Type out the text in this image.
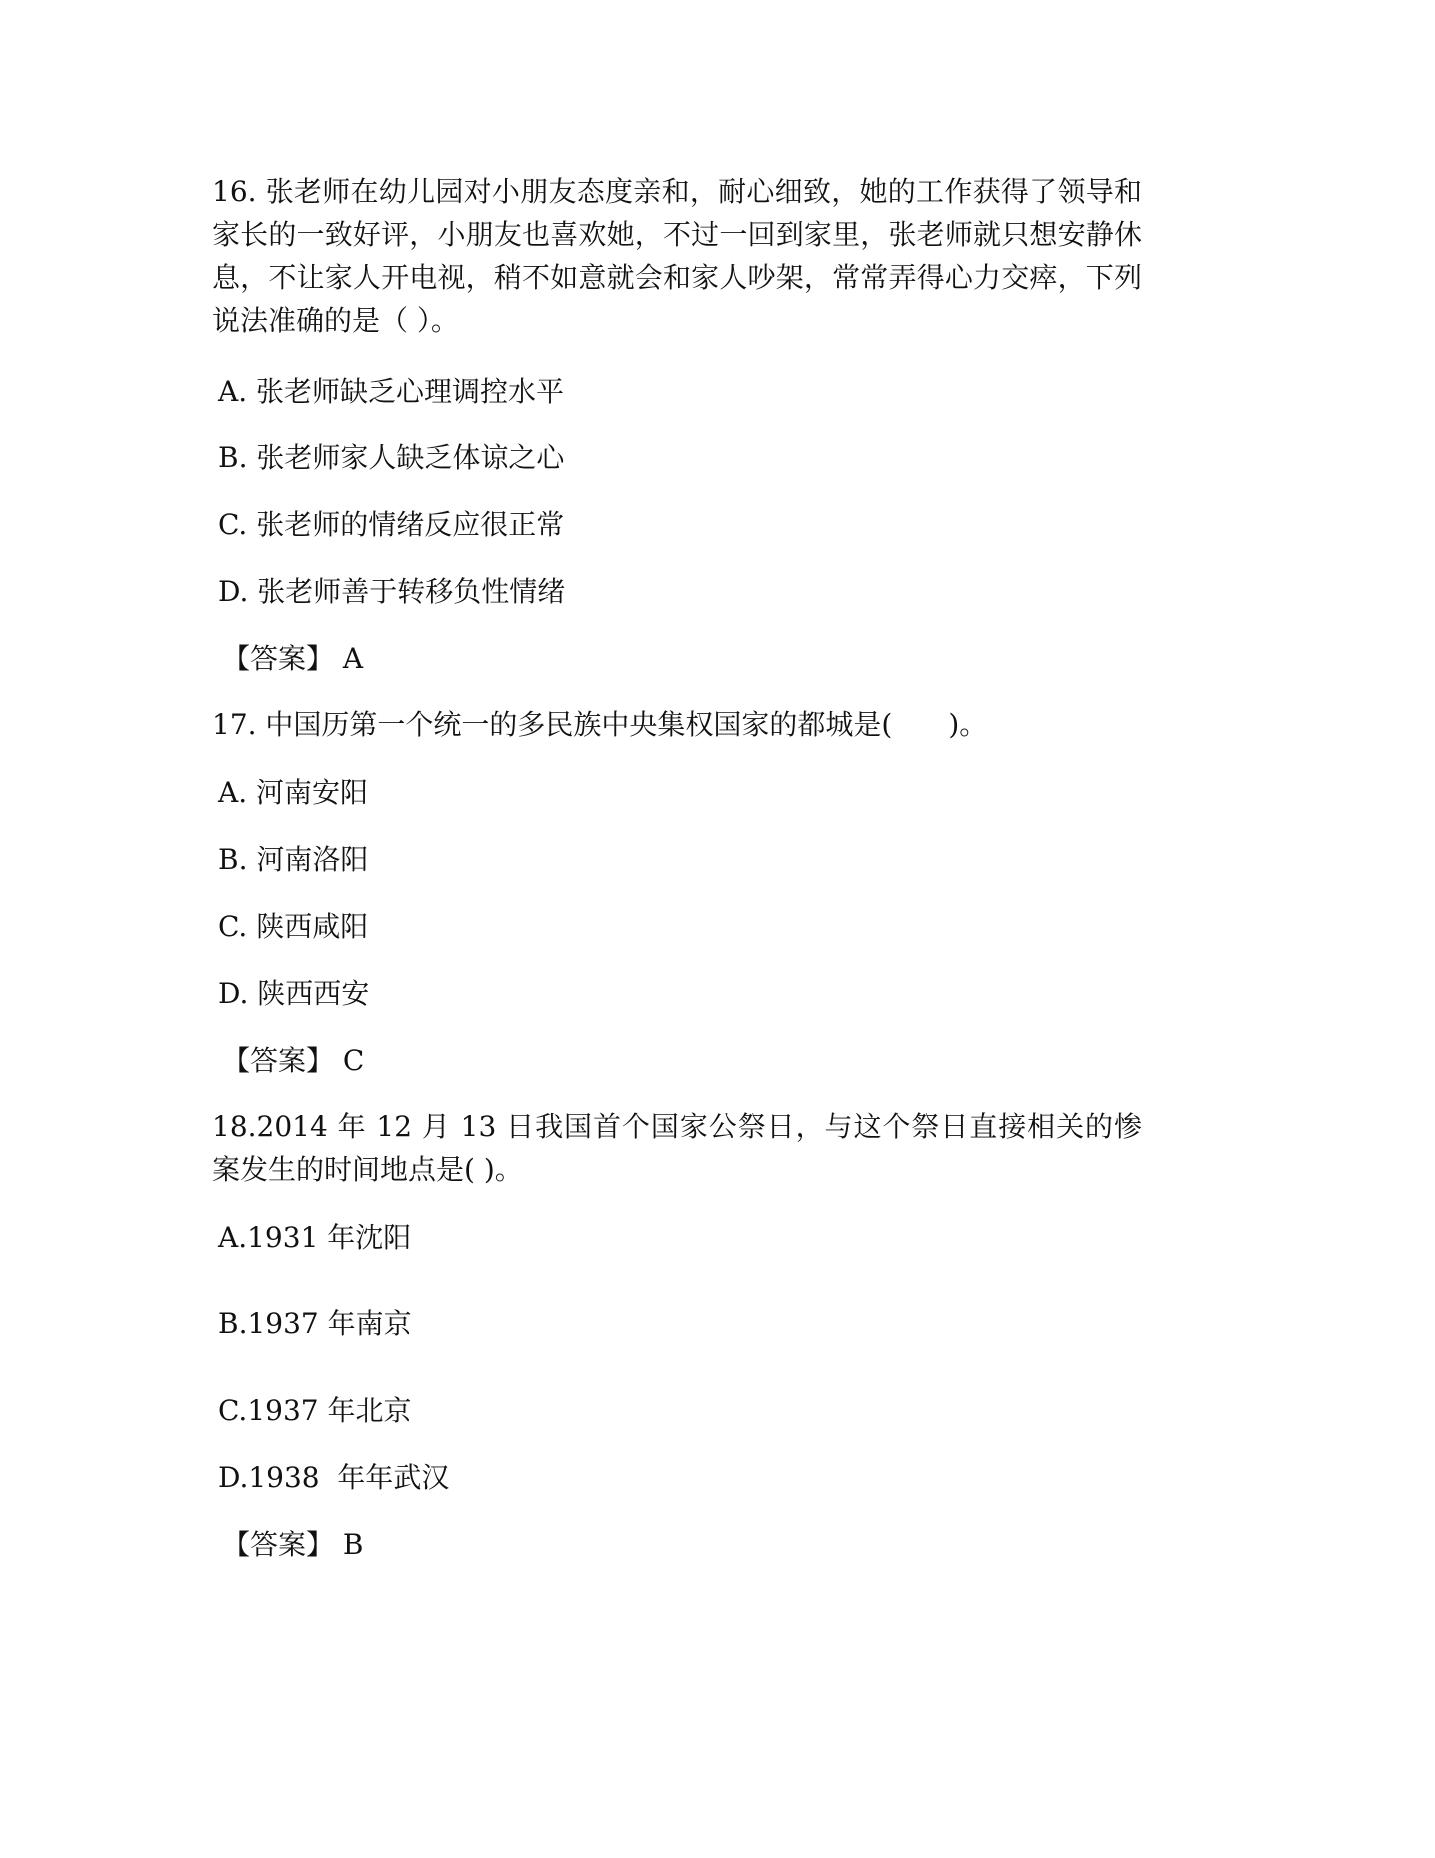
16. 张老师在幼儿园对小朋友态度亲和，耐心细致，她的工作获得了领导和家长的一致好评，小朋友也喜欢她，不过一回到家里，张老师就只想安静休息，不让家人开电视，稍不如意就会和家人吵架，常常弄得心力交瘁，下列说法准确的是（ ）。
A. 张老师缺乏心理调控水平
B. 张老师家人缺乏体谅之心
C. 张老师的情绪反应很正常
D. 张老师善于转移负性情绪
【答案】 A
17. 中国历第一个统一的多民族中央集权国家的都城是(　　)。
A. 河南安阳
B. 河南洛阳
C. 陕西咸阳
D. 陕西西安
【答案】 C
18.2014 年 12 月 13 日我国首个国家公祭日，与这个祭日直接相关的惨案发生的时间地点是( )。
A.1931 年沈阳
B.1937 年南京
C.1937 年北京
D.1938  年年武汉
【答案】 B
